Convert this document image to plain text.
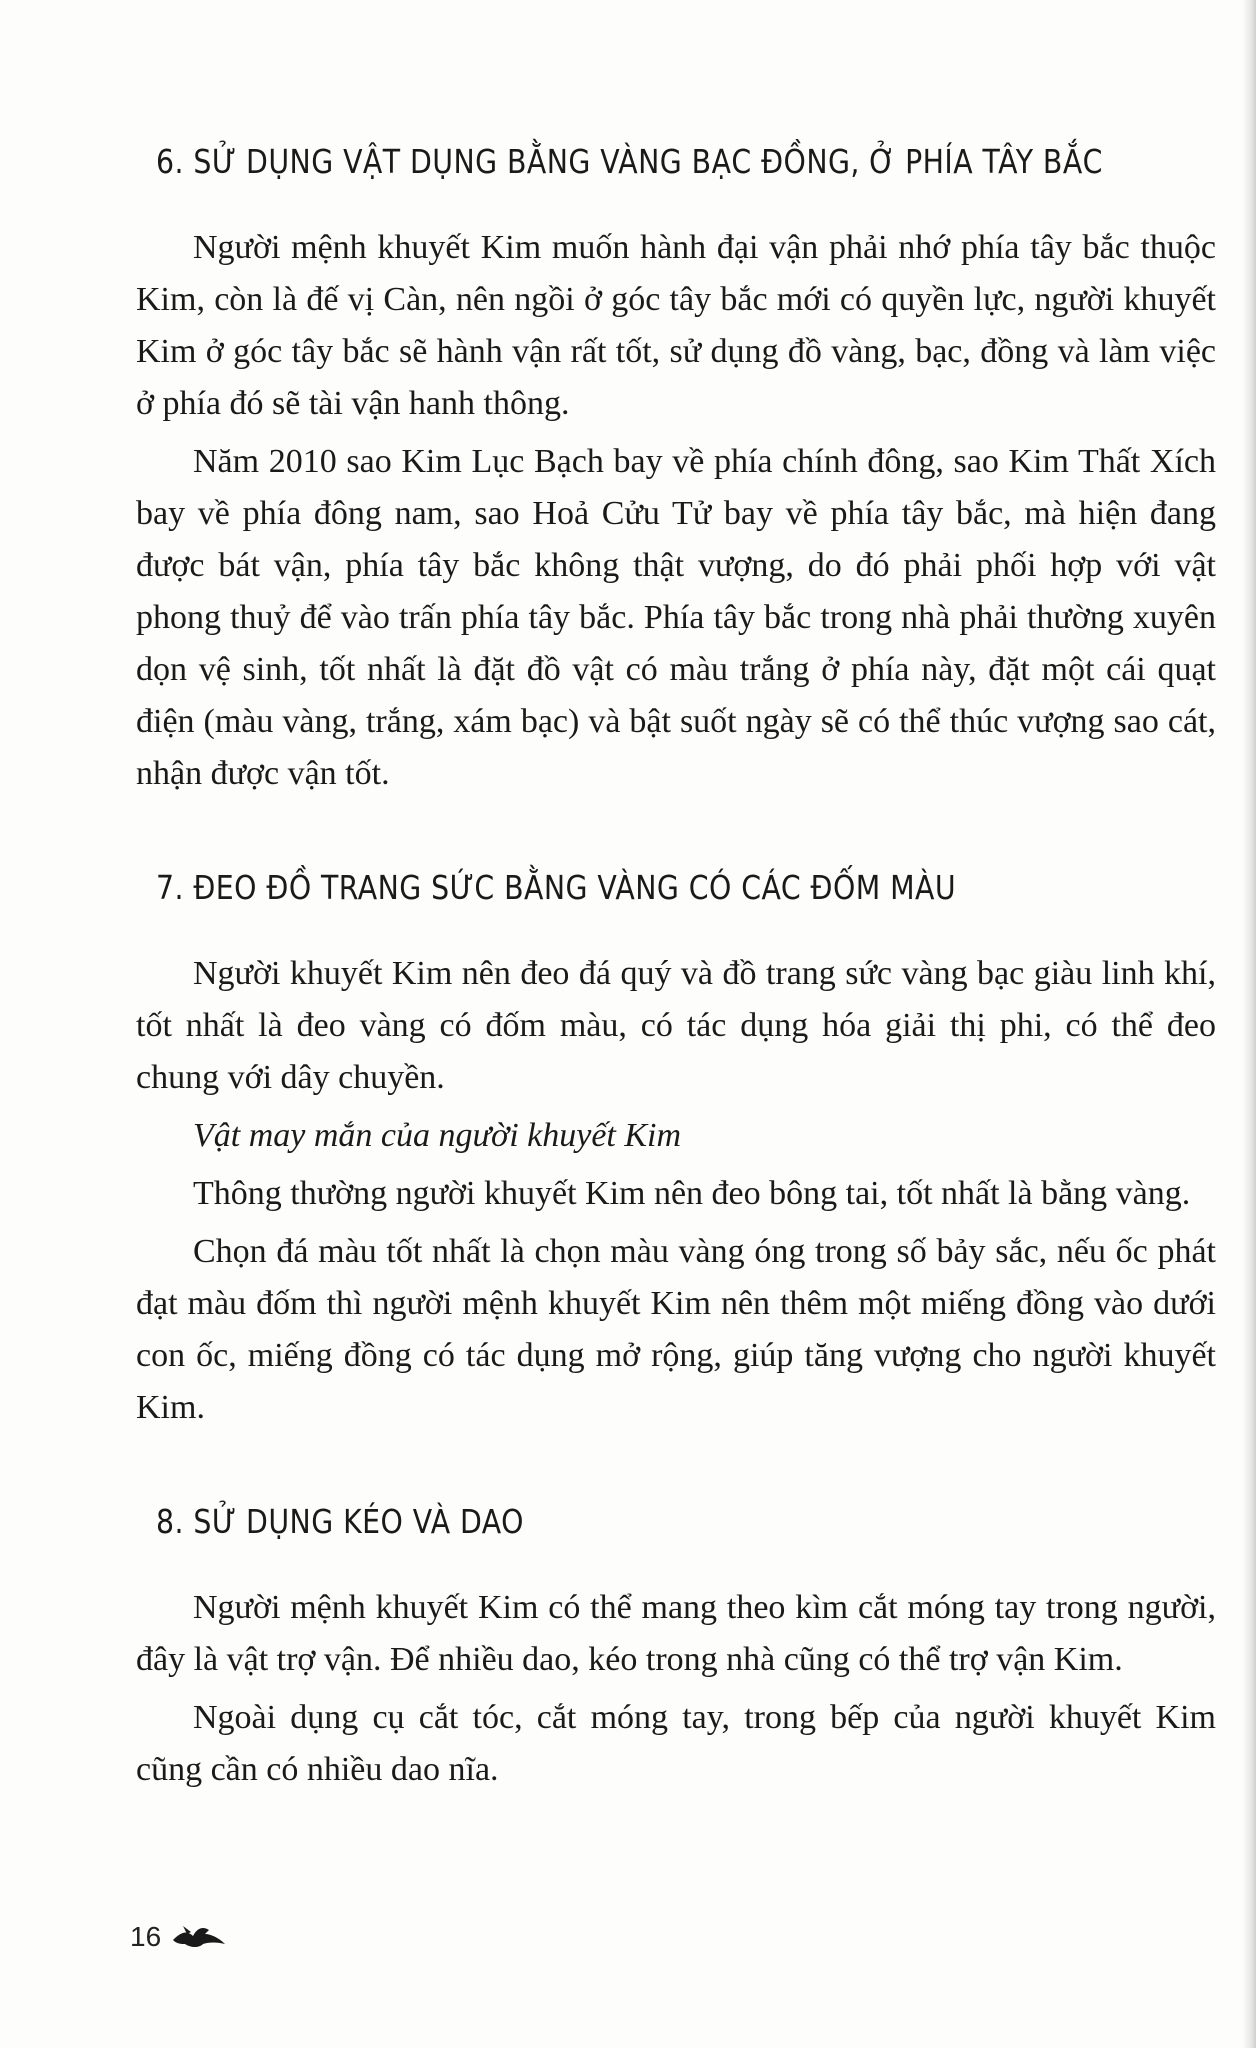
6. SỬ DỤNG VẬT DỤNG BẰNG VÀNG BẠC ĐỒNG, Ở PHÍA TÂY BẮC

Người mệnh khuyết Kim muốn hành đại vận phải nhớ phía tây bắc thuộc Kim, còn là đế vị Càn, nên ngồi ở góc tây bắc mới có quyền lực, người khuyết Kim ở góc tây bắc sẽ hành vận rất tốt, sử dụng đồ vàng, bạc, đồng và làm việc ở phía đó sẽ tài vận hanh thông.

Năm 2010 sao Kim Lục Bạch bay về phía chính đông, sao Kim Thất Xích bay về phía đông nam, sao Hoả Cửu Tử bay về phía tây bắc, mà hiện đang được bát vận, phía tây bắc không thật vượng, do đó phải phối hợp với vật phong thuỷ để vào trấn phía tây bắc. Phía tây bắc trong nhà phải thường xuyên dọn vệ sinh, tốt nhất là đặt đồ vật có màu trắng ở phía này, đặt một cái quạt điện (màu vàng, trắng, xám bạc) và bật suốt ngày sẽ có thể thúc vượng sao cát, nhận được vận tốt.

7. ĐEO ĐỒ TRANG SỨC BẰNG VÀNG CÓ CÁC ĐỐM MÀU

Người khuyết Kim nên đeo đá quý và đồ trang sức vàng bạc giàu linh khí, tốt nhất là đeo vàng có đốm màu, có tác dụng hóa giải thị phi, có thể đeo chung với dây chuyền.

Vật may mắn của người khuyết Kim

Thông thường người khuyết Kim nên đeo bông tai, tốt nhất là bằng vàng.

Chọn đá màu tốt nhất là chọn màu vàng óng trong số bảy sắc, nếu ốc phát đạt màu đốm thì người mệnh khuyết Kim nên thêm một miếng đồng vào dưới con ốc, miếng đồng có tác dụng mở rộng, giúp tăng vượng cho người khuyết Kim.

8. SỬ DỤNG KÉO VÀ DAO

Người mệnh khuyết Kim có thể mang theo kìm cắt móng tay trong người, đây là vật trợ vận. Để nhiều dao, kéo trong nhà cũng có thể trợ vận Kim.

Ngoài dụng cụ cắt tóc, cắt móng tay, trong bếp của người khuyết Kim cũng cần có nhiều dao nĩa.

16
